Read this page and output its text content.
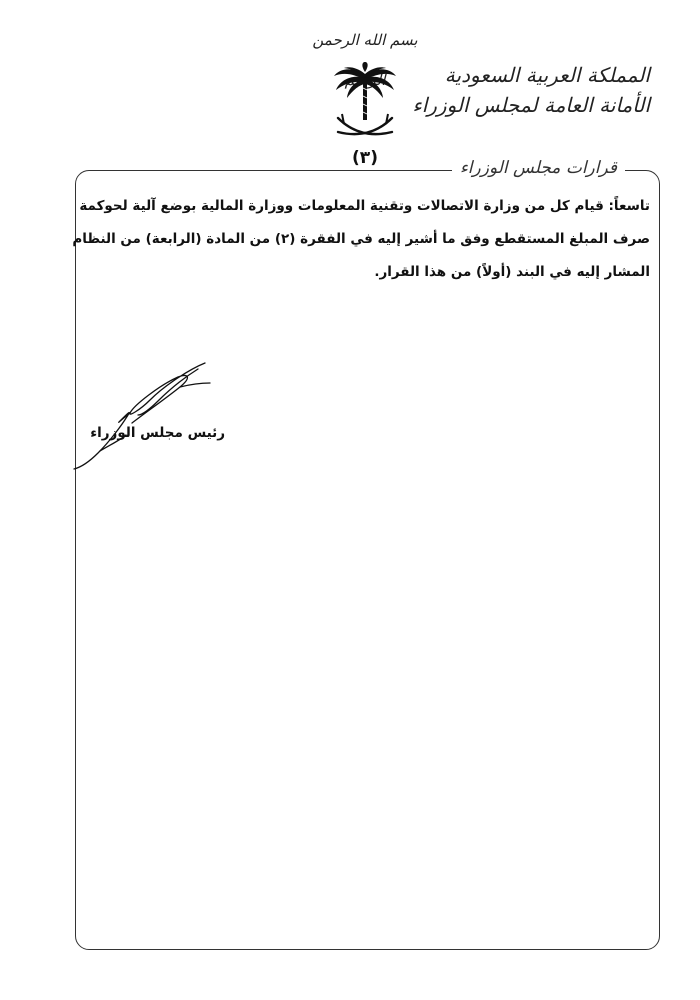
بسم الله الرحمن
(٣)
المملكة العربية السعودية
الأمانة العامة لمجلس الوزراء
قرارات مجلس الوزراء

تاسعاً: قيام كل من وزارة الاتصالات وتقنية المعلومات ووزارة المالية بوضع آلية لحوكمة

صرف المبلغ المستقطع وفق ما أشير إليه في الفقرة (٢) من المادة (الرابعة) من النظام

المشار إليه في البند (أولاً) من هذا القرار.

رئيس مجلس الوزراء
